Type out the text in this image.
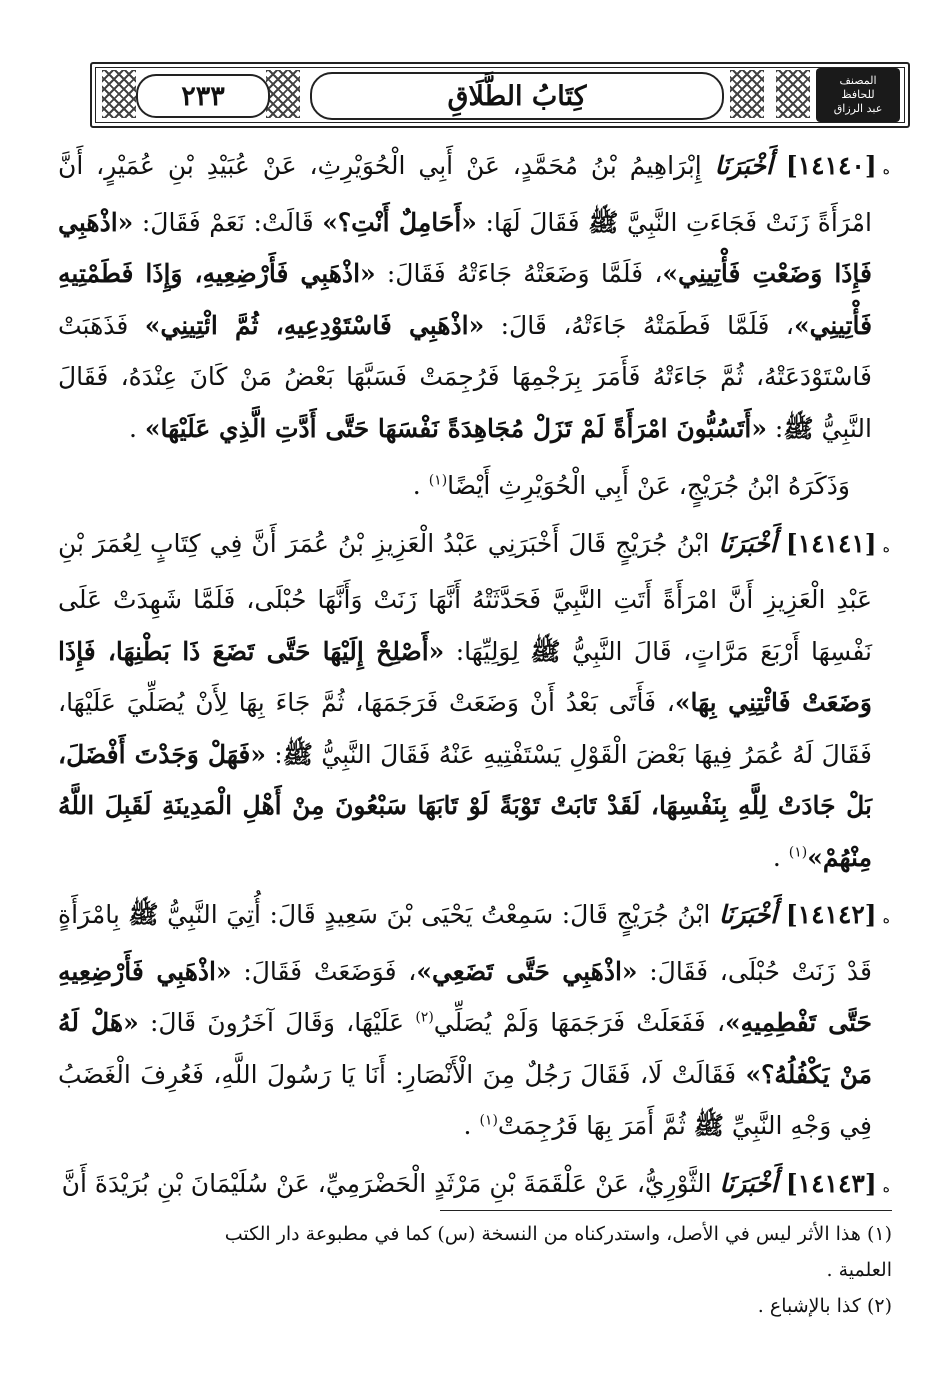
٢٣٣	كِتَابُ الطَّلَاقِ	المصنف
للحافظ
عبد الرزاق

ه[١٤١٤٠] أَخْبَرَنَا إِبْرَاهِيمُ بْنُ مُحَمَّدٍ، عَنْ أَبِي الْحُوَيْرِثِ، عَنْ عُبَيْدِ بْنِ عُمَيْرٍ، أَنَّ امْرَأَةً زَنَتْ فَجَاءَتِ النَّبِيَّ ﷺ فَقَالَ لَهَا: «أَحَامِلٌ أَنْتِ؟» قَالَتْ: نَعَمْ فَقَالَ: «اذْهَبِي فَإِذَا وَضَعْتِ فَأْتِينِي»، فَلَمَّا وَضَعَتْهُ جَاءَتْهُ فَقَالَ: «اذْهَبِي فَأَرْضِعِيهِ، وَإِذَا فَطَمْتِيهِ فَأْتِينِي»، فَلَمَّا فَطَمَتْهُ جَاءَتْهُ، قَالَ: «اذْهَبِي فَاسْتَوْدِعِيهِ، ثُمَّ ائْتِينِي» فَذَهَبَتْ فَاسْتَوْدَعَتْهُ، ثُمَّ جَاءَتْهُ فَأَمَرَ بِرَجْمِهَا فَرُجِمَتْ فَسَبَّهَا بَعْضُ مَنْ كَانَ عِنْدَهُ، فَقَالَ النَّبِيُّ ﷺ: «أَتَسُبُّونَ امْرَأَةً لَمْ تَزَلْ مُجَاهِدَةً نَفْسَهَا حَتَّى أَدَّتِ الَّذِي عَلَيْهَا» .

وَذَكَرَهُ ابْنُ جُرَيْجٍ، عَنْ أَبِي الْحُوَيْرِثِ أَيْضًا$^{(١)}$ .

ه[١٤١٤١] أَخْبَرَنَا ابْنُ جُرَيْجٍ قَالَ أَخْبَرَنِي عَبْدُ الْعَزِيزِ بْنُ عُمَرَ أَنَّ فِي كِتَابٍ لِعُمَرَ بْنِ عَبْدِ الْعَزِيزِ أَنَّ امْرَأَةً أَتَتِ النَّبِيَّ فَحَدَّثَتْهُ أَنَّهَا زَنَتْ وَأَنَّهَا حُبْلَى، فَلَمَّا شَهِدَتْ عَلَى نَفْسِهَا أَرْبَعَ مَرَّاتٍ، قَالَ النَّبِيُّ ﷺ لِوَلِيِّهَا: «أَصْلِحْ إِلَيْهَا حَتَّى تَضَعَ ذَا بَطْنِهَا، فَإِذَا وَضَعَتْ فَائْتِنِي بِهَا»، فَأَتَى بَعْدُ أَنْ وَضَعَتْ فَرَجَمَهَا، ثُمَّ جَاءَ بِهَا لِأَنْ يُصَلِّيَ عَلَيْهَا، فَقَالَ لَهُ عُمَرُ فِيهَا بَعْضَ الْقَوْلِ يَسْتَفْتِيهِ عَنْهُ فَقَالَ النَّبِيُّ ﷺ: «فَهَلْ وَجَدْتَ أَفْضَلَ، بَلْ جَادَتْ لِلَّهِ بِنَفْسِهَا، لَقَدْ تَابَتْ تَوْبَةً لَوْ تَابَهَا سَبْعُونَ مِنْ أَهْلِ الْمَدِينَةِ لَقَبِلَ اللَّهُ مِنْهُمْ»$^{(١)}$ .

ه[١٤١٤٢] أَخْبَرَنَا ابْنُ جُرَيْجٍ قَالَ: سَمِعْتُ يَحْيَى بْنَ سَعِيدٍ قَالَ: أُتِيَ النَّبِيُّ ﷺ بِامْرَأَةٍ قَدْ زَنَتْ حُبْلَى، فَقَالَ: «اذْهَبِي حَتَّى تَضَعِي»، فَوَضَعَتْ فَقَالَ: «اذْهَبِي فَأَرْضِعِيهِ حَتَّى تَفْطِمِيهِ»، فَفَعَلَتْ فَرَجَمَهَا وَلَمْ يُصَلِّي$^{(٢)}$ عَلَيْهَا، وَقَالَ آخَرُونَ قَالَ: «هَلْ لَهُ مَنْ يَكْفُلُهُ؟» فَقَالَتْ لَا، فَقَالَ رَجُلٌ مِنَ الْأَنْصَارِ: أَنَا يَا رَسُولَ اللَّهِ، فَعُرِفَ الْغَضَبُ فِي وَجْهِ النَّبِيِّ ﷺ ثُمَّ أَمَرَ بِهَا فَرُجِمَتْ$^{(١)}$ .

ه[١٤١٤٣] أَخْبَرَنَا الثَّوْرِيُّ، عَنْ عَلْقَمَةَ بْنِ مَرْثَدٍ الْحَضْرَمِيِّ، عَنْ سُلَيْمَانَ بْنِ بُرَيْدَةَ أَنَّ

(١) هذا الأثر ليس في الأصل، واستدركناه من النسخة (س) كما في مطبوعة دار الكتب العلمية .

(٢) كذا بالإشباع .
